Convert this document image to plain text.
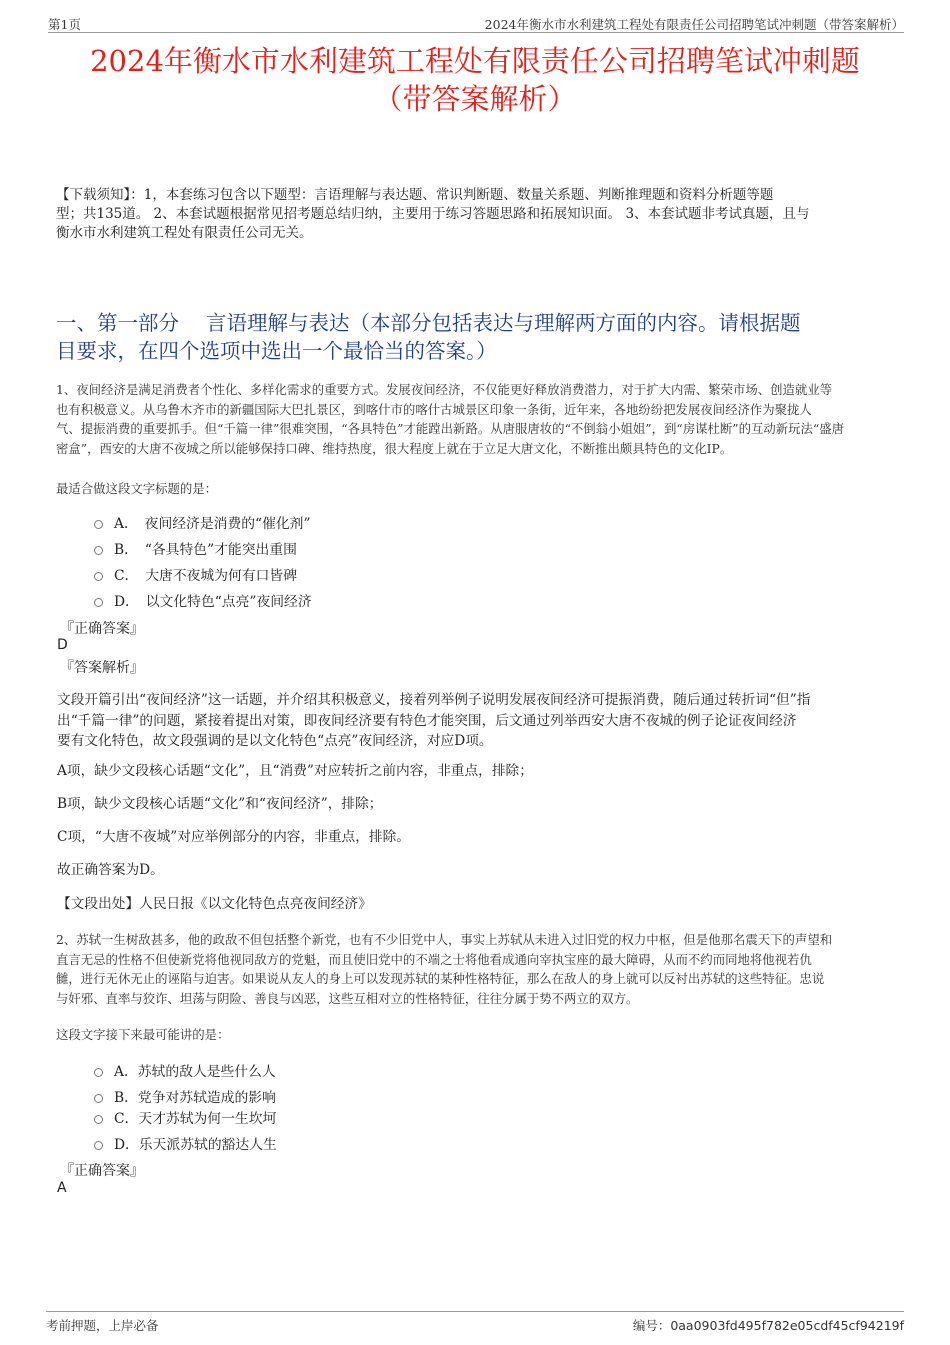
第1页	2024年衡水市水利建筑工程处有限责任公司招聘笔试冲刺题（带答案解析）
2024年衡水市水利建筑工程处有限责任公司招聘笔试冲刺题
（带答案解析）
【下载须知】：1，本套练习包含以下题型：言语理解与表达题、常识判断题、数量关系题、判断推理题和资料分析题等题
型；共135道。 2、本套试题根据常见招考题总结归纳，主要用于练习答题思路和拓展知识面。 3、本套试题非考试真题，且与
衡水市水利建筑工程处有限责任公司无关。
一、第一部分　 言语理解与表达（本部分包括表达与理解两方面的内容。请根据题
目要求，在四个选项中选出一个最恰当的答案。）
1、夜间经济是满足消费者个性化、多样化需求的重要方式。发展夜间经济，不仅能更好释放消费潜力，对于扩大内需、繁荣市场、创造就业等
也有积极意义。从乌鲁木齐市的新疆国际大巴扎景区，到喀什市的喀什古城景区印象一条街，近年来，各地纷纷把发展夜间经济作为聚拢人
气、提振消费的重要抓手。但“千篇一律”很难突围，“各具特色”才能蹚出新路。从唐服唐妆的“不倒翁小姐姐”，到“房谋杜断”的互动新玩法“盛唐
密盒”，西安的大唐不夜城之所以能够保持口碑、维持热度，很大程度上就在于立足大唐文化，不断推出颇具特色的文化IP。
最适合做这段文字标题的是：
A．　夜间经济是消费的“催化剂”
B．　“各具特色”才能突出重围
C．　大唐不夜城为何有口皆碑
D．　以文化特色“点亮”夜间经济
『正确答案』
D
『答案解析』
文段开篇引出“夜间经济”这一话题，并介绍其积极意义，接着列举例子说明发展夜间经济可提振消费，随后通过转折词“但”指
出“千篇一律”的问题，紧接着提出对策，即夜间经济要有特色才能突围，后文通过列举西安大唐不夜城的例子论证夜间经济
要有文化特色，故文段强调的是以文化特色“点亮”夜间经济，对应D项。
A项，缺少文段核心话题“文化”，且“消费”对应转折之前内容，非重点，排除；
B项，缺少文段核心话题“文化”和“夜间经济”，排除；
C项，“大唐不夜城”对应举例部分的内容，非重点，排除。
故正确答案为D。
【文段出处】人民日报《以文化特色点亮夜间经济》
2、苏轼一生树敌甚多，他的政敌不但包括整个新党，也有不少旧党中人，事实上苏轼从未进入过旧党的权力中枢，但是他那名震天下的声望和
直言无忌的性格不但使新党将他视同敌方的党魁，而且使旧党中的不端之士将他看成通向宰执宝座的最大障碍，从而不约而同地将他视若仇
雠，进行无休无止的诬陷与迫害。如果说从友人的身上可以发现苏轼的某种性格特征，那么在敌人的身上就可以反衬出苏轼的这些特征。忠说
与奸邪、直率与狡诈、坦荡与阴险、善良与凶恶，这些互相对立的性格特征，往往分属于势不两立的双方。
这段文字接下来最可能讲的是：
A．苏轼的敌人是些什么人
B．党争对苏轼造成的影响
C．天才苏轼为何一生坎坷
D．乐天派苏轼的豁达人生
『正确答案』
A
考前押题，上岸必备	编号：0aa0903fd495f782e05cdf45cf94219f
